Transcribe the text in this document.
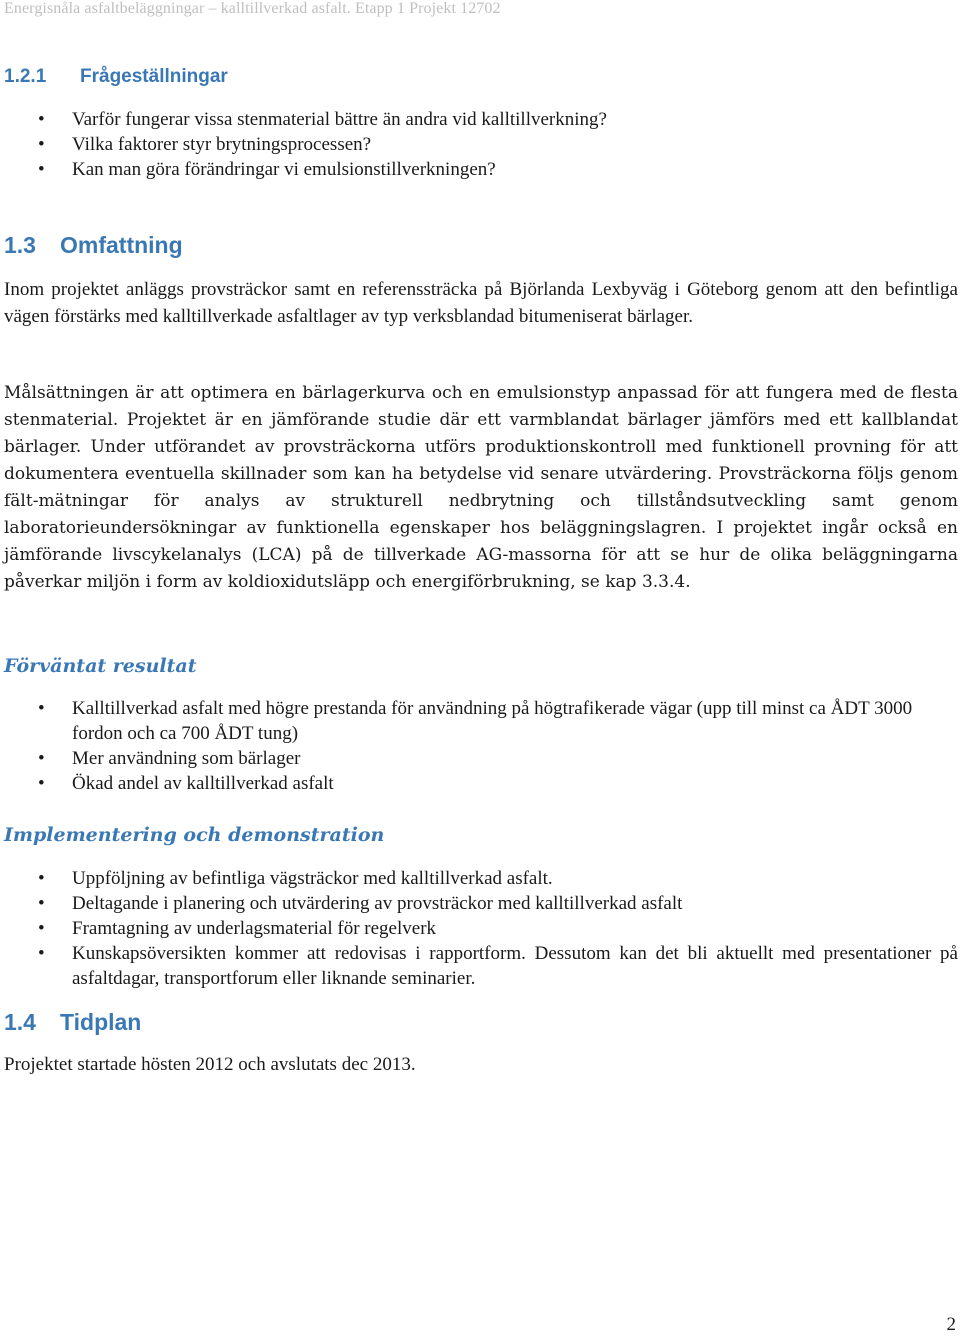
Energisnåla asfaltbeläggningar – kalltillverkad asfalt. Etapp 1 Projekt 12702
1.2.1 Frågeställningar
• Varför fungerar vissa stenmaterial bättre än andra vid kalltillverkning?
• Vilka faktorer styr brytningsprocessen?
• Kan man göra förändringar vi emulsionstillverkningen?
1.3 Omfattning

Inom projektet anläggs provsträckor samt en referenssträcka på Björlanda Lexbyväg i Göteborg genom att den befintliga vägen förstärks med kalltillverkade asfaltlager av typ verksblandad bitumeniserat bärlager.

Målsättningen är att optimera en bärlagerkurva och en emulsionstyp anpassad för att fungera med de flesta stenmaterial. Projektet är en jämförande studie där ett varmblandat bärlager jämförs med ett kallblandat bärlager. Under utförandet av provsträckorna utförs produktionskontroll med funktionell provning för att dokumentera eventuella skillnader som kan ha betydelse vid senare utvärdering. Provsträckorna följs genom fält-mätningar för analys av strukturell nedbrytning och tillståndsutveckling samt genom laboratorieundersökningar av funktionella egenskaper hos beläggningslagren. I projektet ingår också en jämförande livscykelanalys (LCA) på de tillverkade AG-massorna för att se hur de olika beläggningarna påverkar miljön i form av koldioxidutsläpp och energiförbrukning, se kap 3.3.4.

Förväntat resultat
• Kalltillverkad asfalt med högre prestanda för användning på högtrafikerade vägar (upp till minst ca ÅDT 3000 fordon och ca 700 ÅDT tung)
• Mer användning som bärlager
• Ökad andel av kalltillverkad asfalt
Implementering och demonstration
• Uppföljning av befintliga vägsträckor med kalltillverkad asfalt.
• Deltagande i planering och utvärdering av provsträckor med kalltillverkad asfalt
• Framtagning av underlagsmaterial för regelverk
• Kunskapsöversikten kommer att redovisas i rapportform. Dessutom kan det bli aktuellt med presentationer på asfaltdagar, transportforum eller liknande seminarier.
1.4 Tidplan

Projektet startade hösten 2012 och avslutats dec 2013.

2
